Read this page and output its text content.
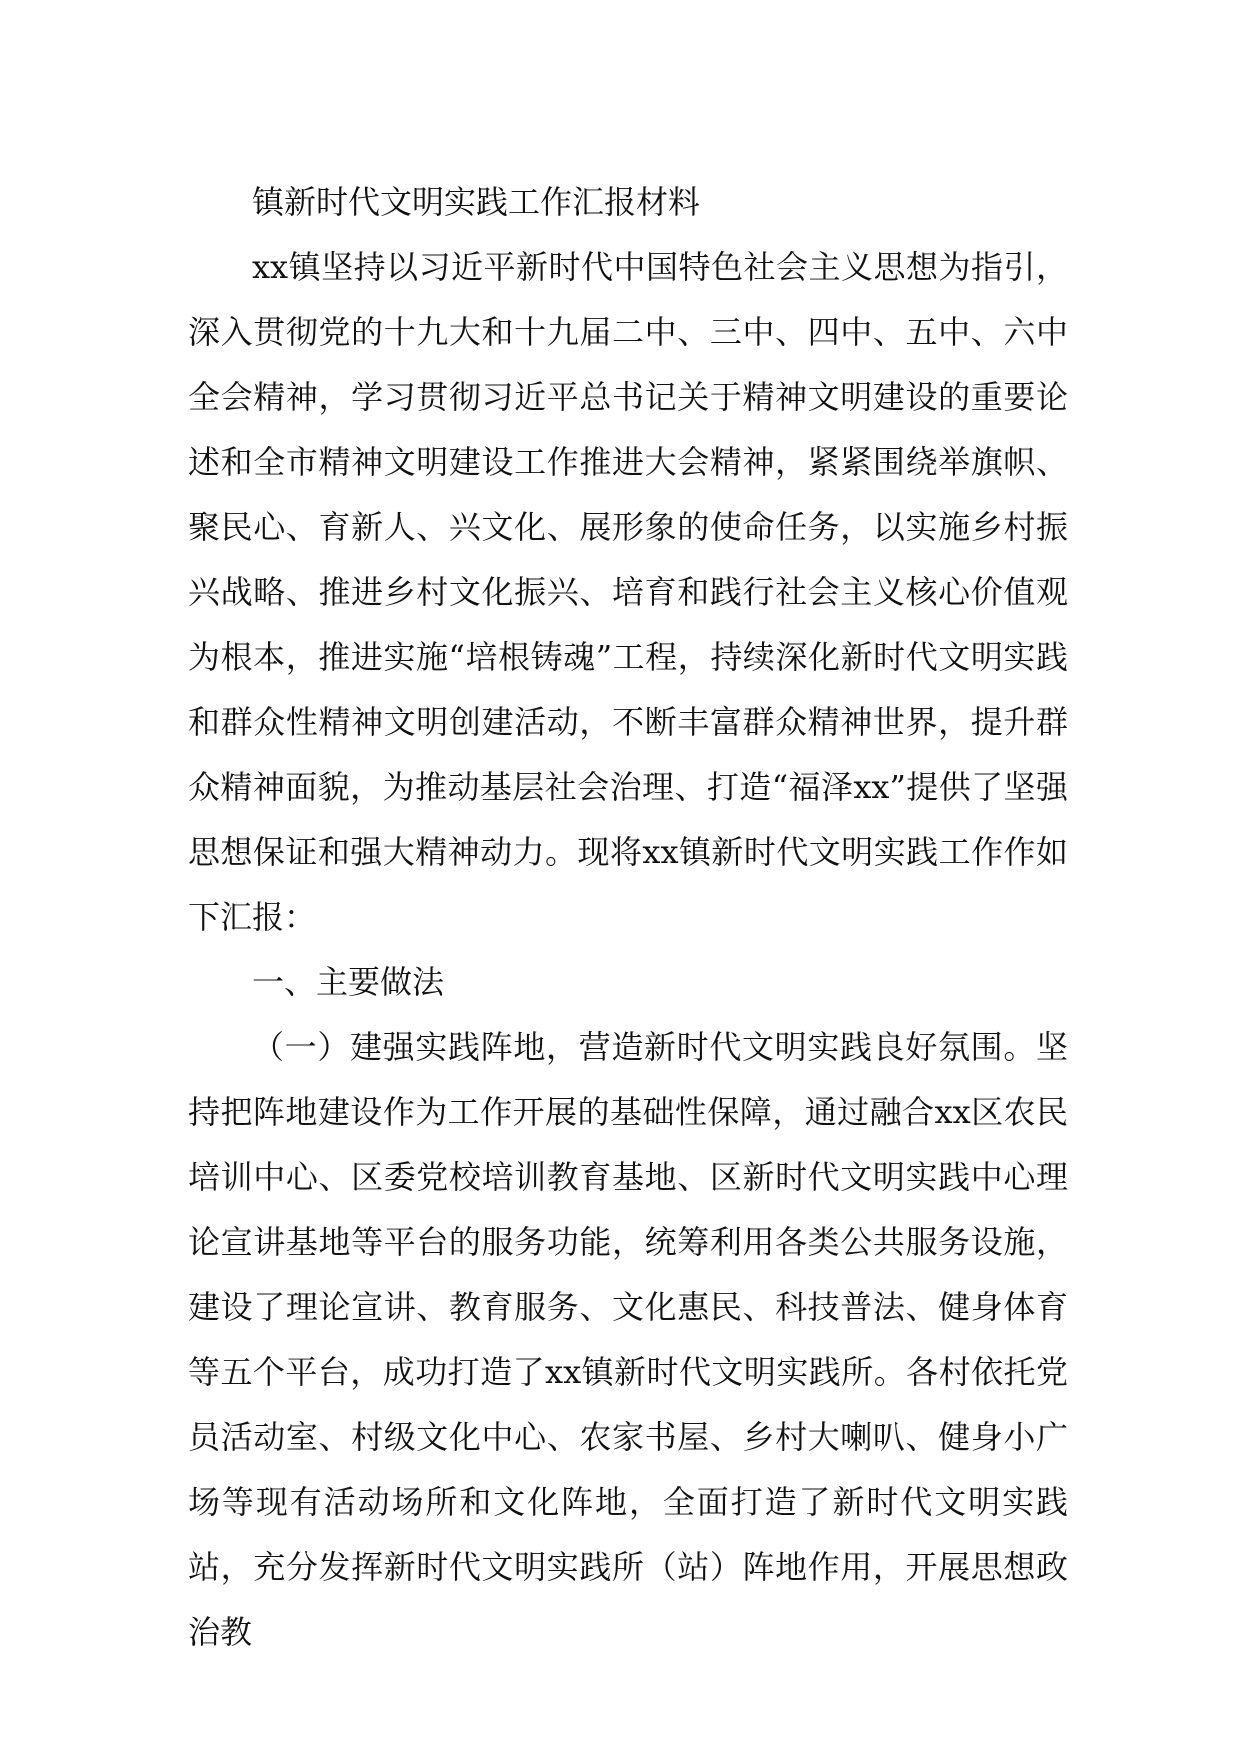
镇新时代文明实践工作汇报材料

xx镇坚持以习近平新时代中国特色社会主义思想为指引，深入贯彻党的十九大和十九届二中、三中、四中、五中、六中全会精神，学习贯彻习近平总书记关于精神文明建设的重要论述和全市精神文明建设工作推进大会精神，紧紧围绕举旗帜、聚民心、育新人、兴文化、展形象的使命任务，以实施乡村振兴战略、推进乡村文化振兴、培育和践行社会主义核心价值观为根本，推进实施“培根铸魂”工程，持续深化新时代文明实践和群众性精神文明创建活动，不断丰富群众精神世界，提升群众精神面貌，为推动基层社会治理、打造“福泽xx”提供了坚强思想保证和强大精神动力。现将xx镇新时代文明实践工作作如下汇报：

一、主要做法

（一）建强实践阵地，营造新时代文明实践良好氛围。坚持把阵地建设作为工作开展的基础性保障，通过融合xx区农民培训中心、区委党校培训教育基地、区新时代文明实践中心理论宣讲基地等平台的服务功能，统筹利用各类公共服务设施，建设了理论宣讲、教育服务、文化惠民、科技普法、健身体育等五个平台，成功打造了xx镇新时代文明实践所。各村依托党员活动室、村级文化中心、农家书屋、乡村大喇叭、健身小广场等现有活动场所和文化阵地，全面打造了新时代文明实践站，充分发挥新时代文明实践所（站）阵地作用，开展思想政治教
